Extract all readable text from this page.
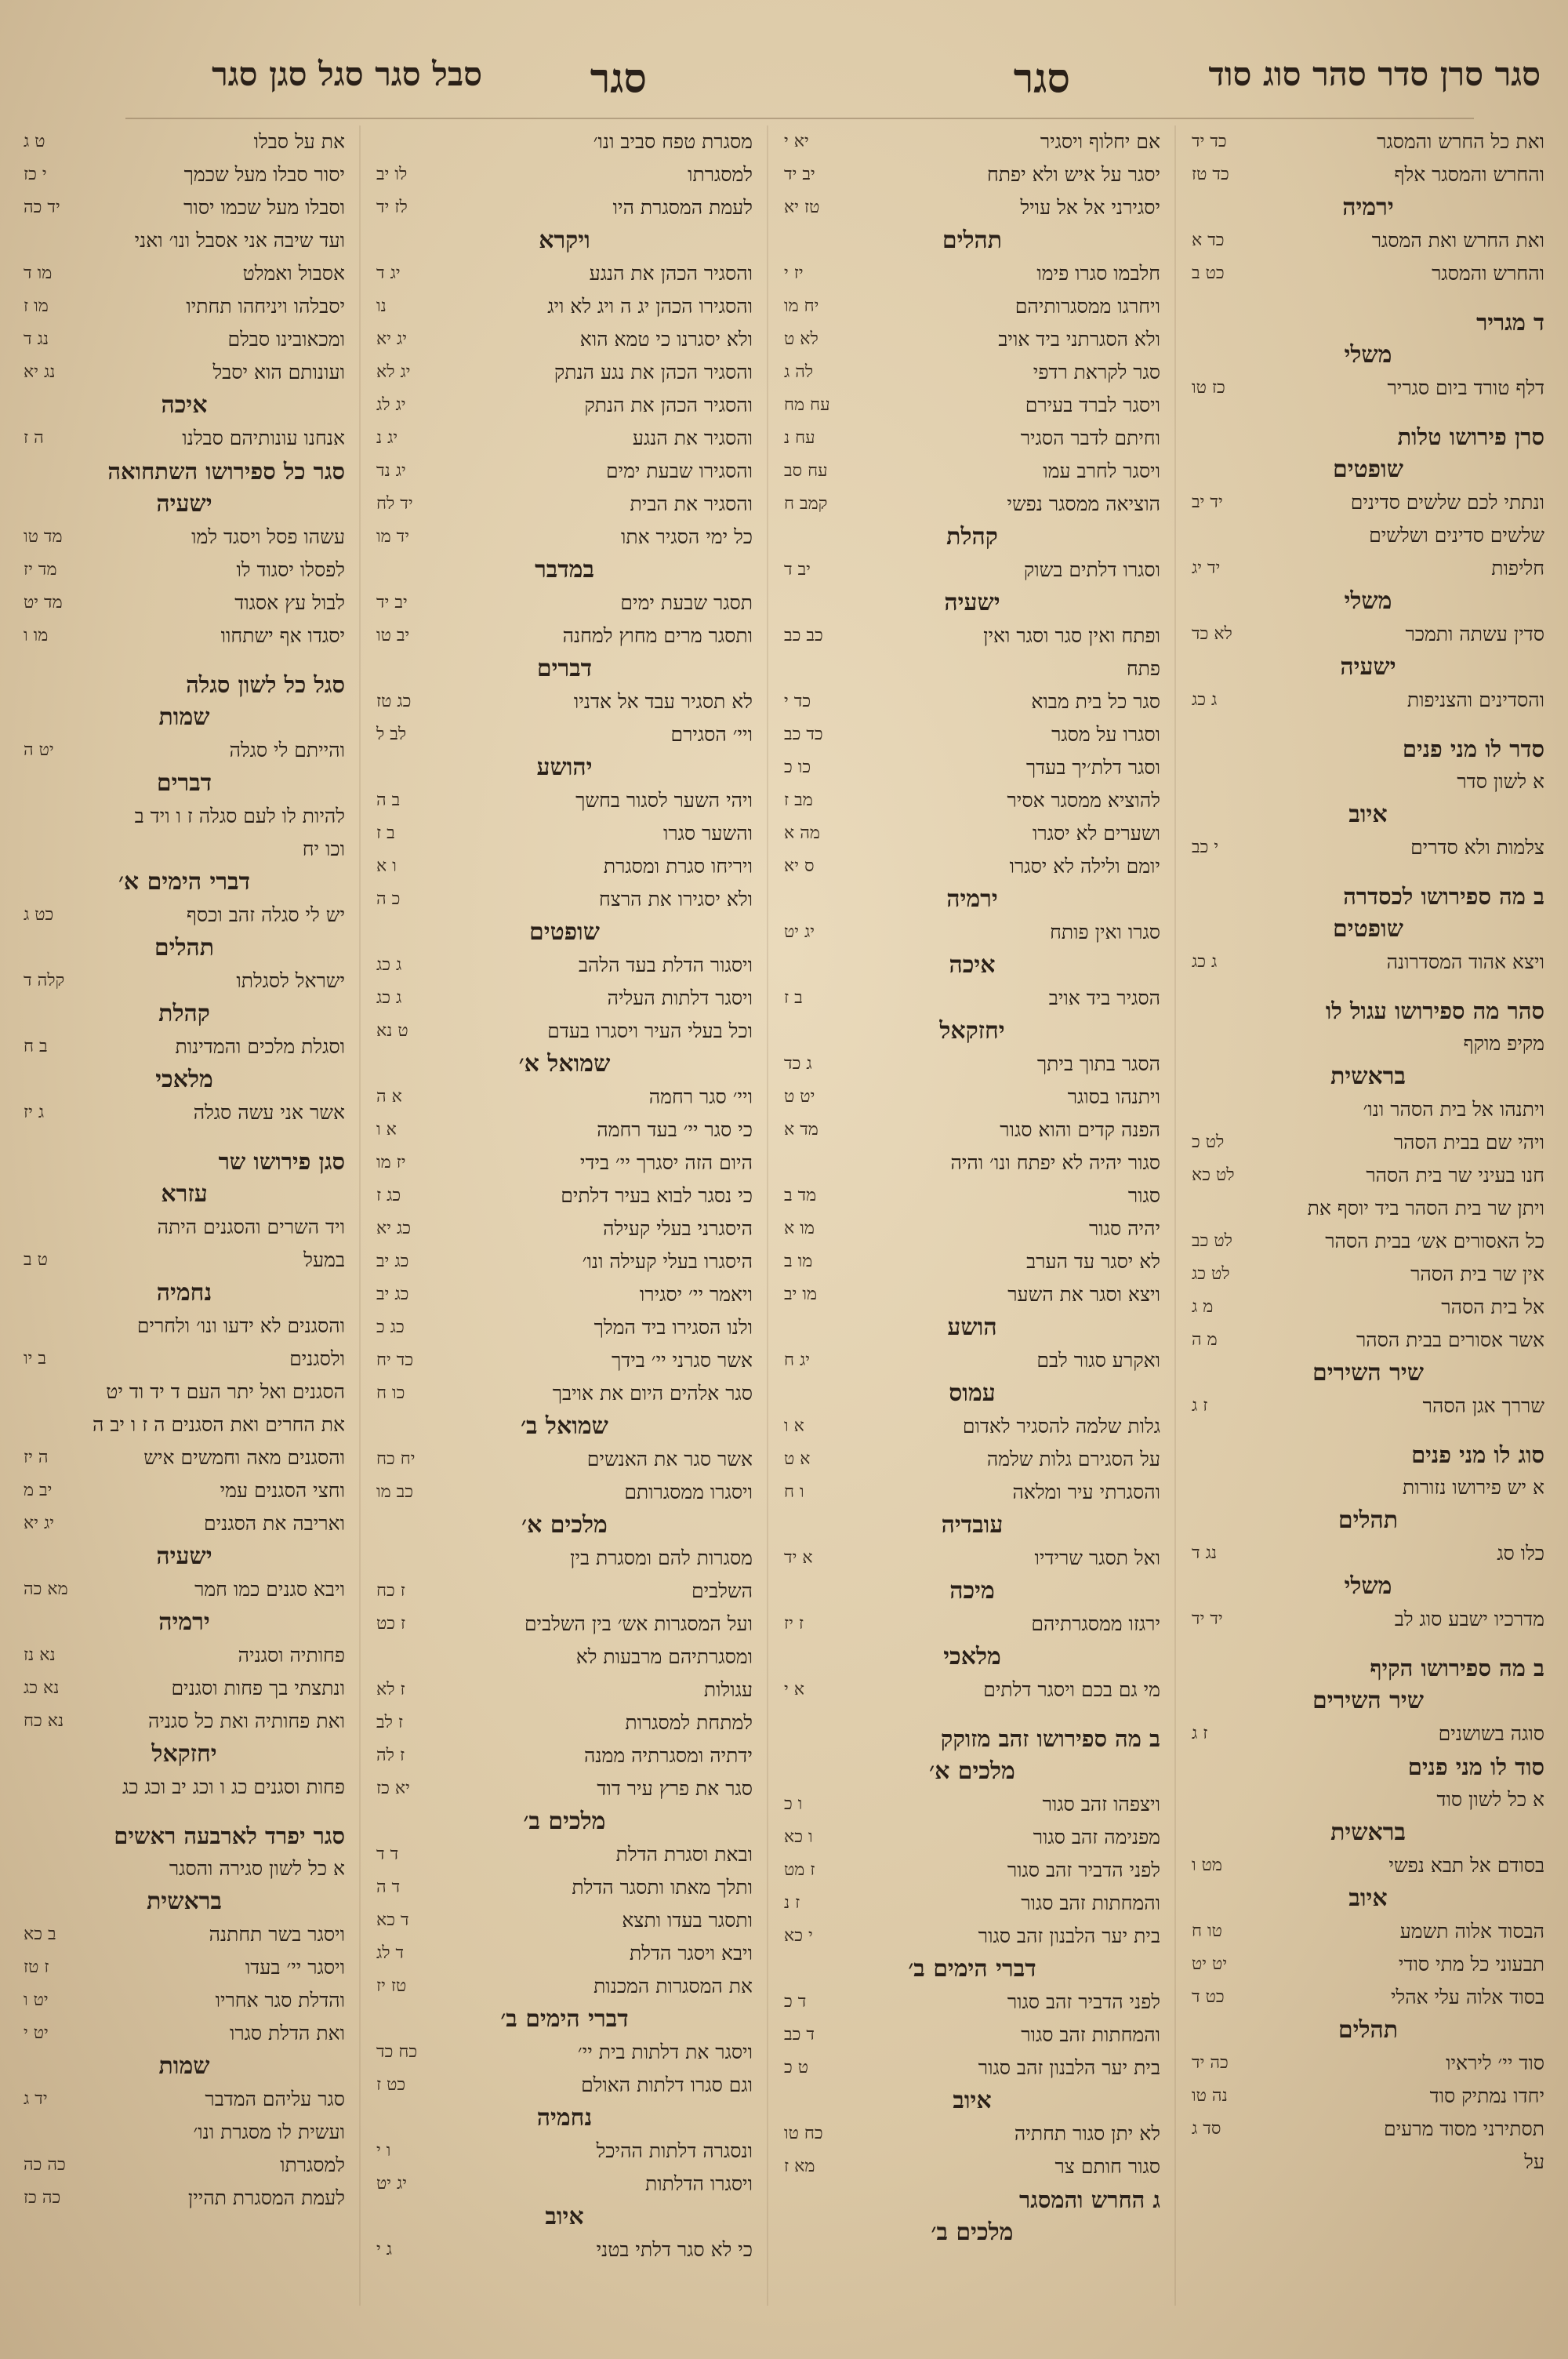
סגר סרן סדר סהר סוג סוד
סגר
סגר
סבל סגר סגל סגן סגר
ואת כל החרש והמסגר
כד יד
והחרש והמסגר אלף
כד טז
ירמיה
ואת החרש ואת המסגר
כד א
והחרש והמסגר
כט ב
ד מגריר
משלי
דלף טורד ביום סגריר
כז טו
סרן פירושו טלות
שופטים
ונתתי לכם שלשים סדינים
יד יב
שלשים סדינים ושלשים
חליפות
יד יג
משלי
סדין עשתה ותמכר
לא כד
ישעיה
והסדינים והצניפות
ג כג
סדר לו מני פנים
א לשון סדר
איוב
צלמות ולא סדרים
י כב
ב מה ספירושו לכסדרה
שופטים
ויצא אהוד המסדרונה
ג כג
סהר מה ספירושו עגול לו
מקיפ מוקף
בראשית
ויתנהו אל בית הסהר ונו׳
ויהי שם בבית הסהר
לט כ
חנו בעיני שר בית הסהר
לט כא
ויתן שר בית הסהר ביד יוסף את
כל האסורים אש׳ בבית הסהר
לט כב
אין שר בית הסהר
לט כג
אל בית הסהר
מ ג
אשר אסורים בבית הסהר
מ ה
שיר השירים
שררך אגן הסהר
ז ג
סוג לו מני פנים
א יש פירושו נזורות
תהלים
כלו סג
נג ד
משלי
מדרכיו ישבע סוג לב
יד יד
ב מה ספירושו הקיף
שיר השירים
סוגה בשושנים
ז ג
סוד לו מני פנים
א כל לשון סוד
בראשית
בסודם אל תבא נפשי
מט ו
איוב
הבסוד אלוה תשמע
טו ח
תבעוני כל מתי סודי
יט יט
בסוד אלוה עלי אהלי
כט ד
תהלים
סוד יי׳ ליראיו
כה יד
יחדו נמתיק סוד
נה טו
תסתירני מסוד מרעים
סד ג
על
אם יחלוף ויסגיר
יא י
יסגר על איש ולא יפתח
יב יד
יסגירני אל אל עויל
טז יא
תהלים
חלבמו סגרו פימו
יז י
ויחרגו ממסגרותיהם
יח מו
ולא הסגרתני ביד אויב
לא ט
סגר לקראת רדפי
לה ג
ויסגר לברד בעירם
עח מח
וחיתם לדבר הסגיר
עח נ
ויסגר לחרב עמו
עח סב
הוציאה ממסגר נפשי
קמב ח
קהלת
וסגרו דלתים בשוק
יב ד
ישעיה
ופתח ואין סגר וסגר ואין
כב כב
פתח
סגר כל בית מבוא
כד י
וסגרו על מסגר
כד כב
וסגר דלת׳יך בעדך
כו כ
להוציא ממסגר אסיר
מב ז
ושערים לא יסגרו
מה א
יומם ולילה לא יסגרו
ס יא
ירמיה
סגרו ואין פותח
יג יט
איכה
הסגיר ביד אויב
ב ז
יחזקאל
הסגר בתוך ביתך
ג כד
ויתנהו בסוגר
יט ט
הפנה קדים והוא סגור
מד א
סגור יהיה לא יפתח ונו׳ והיה
סגור
מד ב
יהיה סגור
מו א
לא יסגר עד הערב
מו ב
ויצא וסגר את השער
מו יב
הושע
ואקרע סגור לבם
יג ח
עמוס
גלות שלמה להסגיר לאדום
א ו
על הסגירם גלות שלמה
א ט
והסגרתי עיר ומלאה
ו ח
עובדיה
ואל תסגר שרידיו
א יד
מיכה
ירגזו ממסגרתיהם
ז יז
מלאכי
מי גם בכם ויסגר דלתים
א י
ב מה ספירושו זהב מזוקק
מלכים א׳
ויצפהו זהב סגור
ו כ
מפנימה זהב סגור
ו כא
לפני הדביר זהב סגור
ז מט
והמחתות זהב סגור
ז נ
בית יער הלבנון זהב סגור
י כא
דברי הימים ב׳
לפני הדביר זהב סגור
ד כ
והמחתות זהב סגור
ד כב
בית יער הלבנון זהב סגור
ט כ
איוב
לא יתן סגור תחתיה
כח טו
סגור חותם צר
מא ז
ג החרש והמסגר
מלכים ב׳
מסגרת טפח סביב ונו׳
למסגרתו
לו יב
לעמת המסגרת היו
לז יד
ויקרא
והסגיר הכהן את הנגע
יג ד
והסגירו הכהן יג ה ויג לא ויג
נו
ולא יסגרנו כי טמא הוא
יג יא
והסגיר הכהן את נגע הנתק
יג לא
והסגיר הכהן את הנתק
יג לג
והסגיר את הנגע
יג נ
והסגירו שבעת ימים
יג נד
והסגיר את הבית
יד לח
כל ימי הסגיר אתו
יד מו
במדבר
תסגר שבעת ימים
יב יד
ותסגר מרים מחוץ למחנה
יב טו
דברים
לא תסגיר עבד אל אדניו
כג טז
ויי׳ הסגירם
לב ל
יהושע
ויהי השער לסגור בחשך
ב ה
והשער סגרו
ב ז
ויריחו סגרת ומסגרת
ו א
ולא יסגירו את הרצח
כ ה
שופטים
ויסגור הדלת בעד הלהב
ג כג
ויסגר דלתות העליה
ג כג
וכל בעלי העיר ויסגרו בעדם
ט נא
שמואל א׳
ויי׳ סגר רחמה
א ה
כי סגר יי׳ בעד רחמה
א ו
היום הזה יסגרך יי׳ בידי
יז מו
כי נסגר לבוא בעיר דלתים
כג ז
היסגרני בעלי קעילה
כג יא
היסגרו בעלי קעילה ונו׳
כג יב
ויאמר יי׳ יסגירו
כג יב
ולנו הסגירו ביד המלך
כג כ
אשר סגרני יי׳ בידך
כד יח
סגר אלהים היום את אויבך
כו ח
שמואל ב׳
אשר סגר את האנשים
יח כח
ויסגרו ממסגרותם
כב מו
מלכים א׳
מסגרות להם ומסגרת בין
השלבים
ז כח
ועל המסגרות אש׳ בין השלבים
ז כט
ומסגרתיהם מרבעות לא
עגולות
ז לא
למתחת למסגרות
ז לב
ידתיה ומסגרתיה ממנה
ז לה
סגר את פרץ עיר דוד
יא כז
מלכים ב׳
ובאת וסגרת הדלת
ד ד
ותלך מאתו ותסגר הדלת
ד ה
ותסגר בעדו ותצא
ד כא
ויבא ויסגר הדלת
ד לג
את המסגרות המכנות
טז יז
דברי הימים ב׳
ויסגר את דלתות בית יי׳
כח כד
וגם סגרו דלתות האולם
כט ז
נחמיה
ונסגרה דלתות ההיכל
ו י
ויסגרו הדלתות
יג יט
איוב
כי לא סגר דלתי בטני
ג י
את על סבלו
ט ג
יסור סבלו מעל שכמך
י כז
וסבלו מעל שכמו יסור
יד כה
ועד שיבה אני אסבל ונו׳ ואני
אסבול ואמלט
מו ד
יסבלהו ויניחהו תחתיו
מו ז
ומכאובינו סבלם
נג ד
ועונותם הוא יסבל
נג יא
איכה
אנחנו עונותיהם סבלנו
ה ז
סגר כל ספירושו השתחואה
ישעיה
עשהו פסל ויסגד למו
מד טו
לפסלו יסגוד לו
מד יז
לבול עץ אסגוד
מד יט
יסגדו אף ישתחוו
מו ו
סגל כל לשון סגלה
שמות
והייתם לי סגלה
יט ה
דברים
להיות לו לעם סגלה ז ו ויד ב
וכו יח
דברי הימים א׳
יש לי סגלה זהב וכסף
כט ג
תהלים
ישראל לסגלתו
קלה ד
קהלת
וסגלת מלכים והמדינות
ב ח
מלאכי
אשר אני עשה סגלה
ג יז
סגן פירושו שר
עזרא
ויד השרים והסגנים היתה
במעל
ט ב
נחמיה
והסגנים לא ידעו ונו׳ ולחרים
ולסגנים
ב יו
הסגנים ואל יתר העם ד יד וד יט
את החרים ואת הסגנים ה ז ו יב ה
והסגנים מאה וחמשים איש
ה יז
וחצי הסגנים עמי
יב מ
ואריבה את הסגנים
יג יא
ישעיה
ויבא סגנים כמו חמר
מא כה
ירמיה
פחותיה וסגניה
נא נז
ונתצתי בך פחות וסגנים
נא כג
ואת פחותיה ואת כל סגניה
נא כח
יחזקאל
פחות וסגנים כג ו וכג יב וכג כג
סגר יפרד לארבעה ראשים
א כל לשון סגירה והסגר
בראשית
ויסגר בשר תחתנה
ב כא
ויסגר יי׳ בעדו
ז טז
והדלת סגר אחריו
יט ו
ואת הדלת סגרו
יט י
שמות
סגר עליהם המדבר
יד ג
ועשית לו מסגרת ונו׳
למסגרתו
כה כה
לעמת המסגרת תהיין
כה כז
